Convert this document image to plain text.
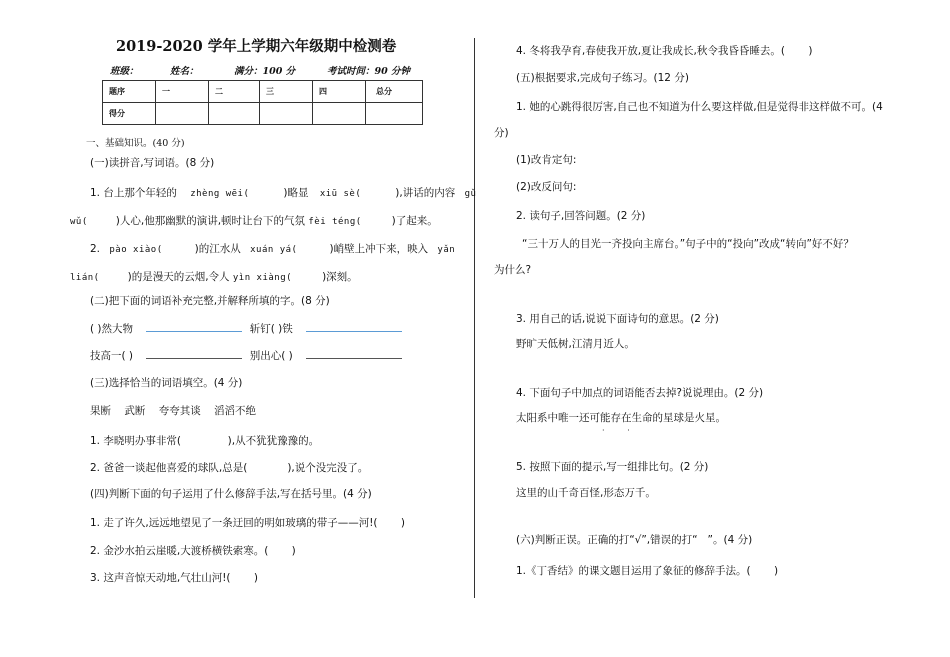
2019-2020 学年上学期六年级期中检测卷
班级：	姓名：	满分：100 分	考试时间：90 分钟
题序	一	二	三	四	总分
得分					
一、基础知识。(40 分)
(一)读拼音,写词语。(8 分)
1. 台上那个年轻的 zhèng wēi(	)略显 xiū sè(	),讲话的内容 gǔ
wǔ(	)人心,他那幽默的演讲,顿时让台下的气氛 fèi téng(	)了起来。
2. pào xiào(	)的江水从 xuán yá(	)峭壁上冲下来，映入 yǎn
lián(	)的是漫天的云烟,令人 yìn xiàng(	)深刻。
(二)把下面的词语补充完整,并解释所填的字。(8 分)
( )然大物	斩钉( )铁
技高一( )	别出心( )
(三)选择恰当的词语填空。(4 分)
果断    武断    夸夸其谈    滔滔不绝
1. 李晓明办事非常(              ),从不犹犹豫豫的。
2. 爸爸一谈起他喜爱的球队,总是(            ),说个没完没了。
(四)判断下面的句子运用了什么修辞手法,写在括号里。(4 分)
1. 走了许久,远远地望见了一条迂回的明如玻璃的带子——河!(       )
2. 金沙水拍云崖暖,大渡桥横铁索寒。(       )
3. 这声音惊天动地,气壮山河!(       )
4. 冬将我孕育,春使我开放,夏让我成长,秋令我昏昏睡去。(       )
(五)根据要求,完成句子练习。(12 分)
1. 她的心跳得很厉害,自己也不知道为什么要这样做,但是觉得非这样做不可。(4
分)
(1)改肯定句:
(2)改反问句:
2. 读句子,回答问题。(2 分)
“三十万人的目光一齐投向主席台。”句子中的“投向”改成“转向”好不好？
为什么?
3. 用自己的话,说说下面诗句的意思。(2 分)
野旷天低树,江清月近人。
4. 下面句子中加点的词语能否去掉?说说理由。(2 分)
太阳系中唯一还可能存在生命的星球是火星。
· ·
5. 按照下面的提示,写一组排比句。(2 分)
这里的山千奇百怪,形态万千。
(六)判断正误。正确的打“√”,错误的打“   ”。(4 分)
1.《丁香结》的课文题目运用了象征的修辞手法。(       )
